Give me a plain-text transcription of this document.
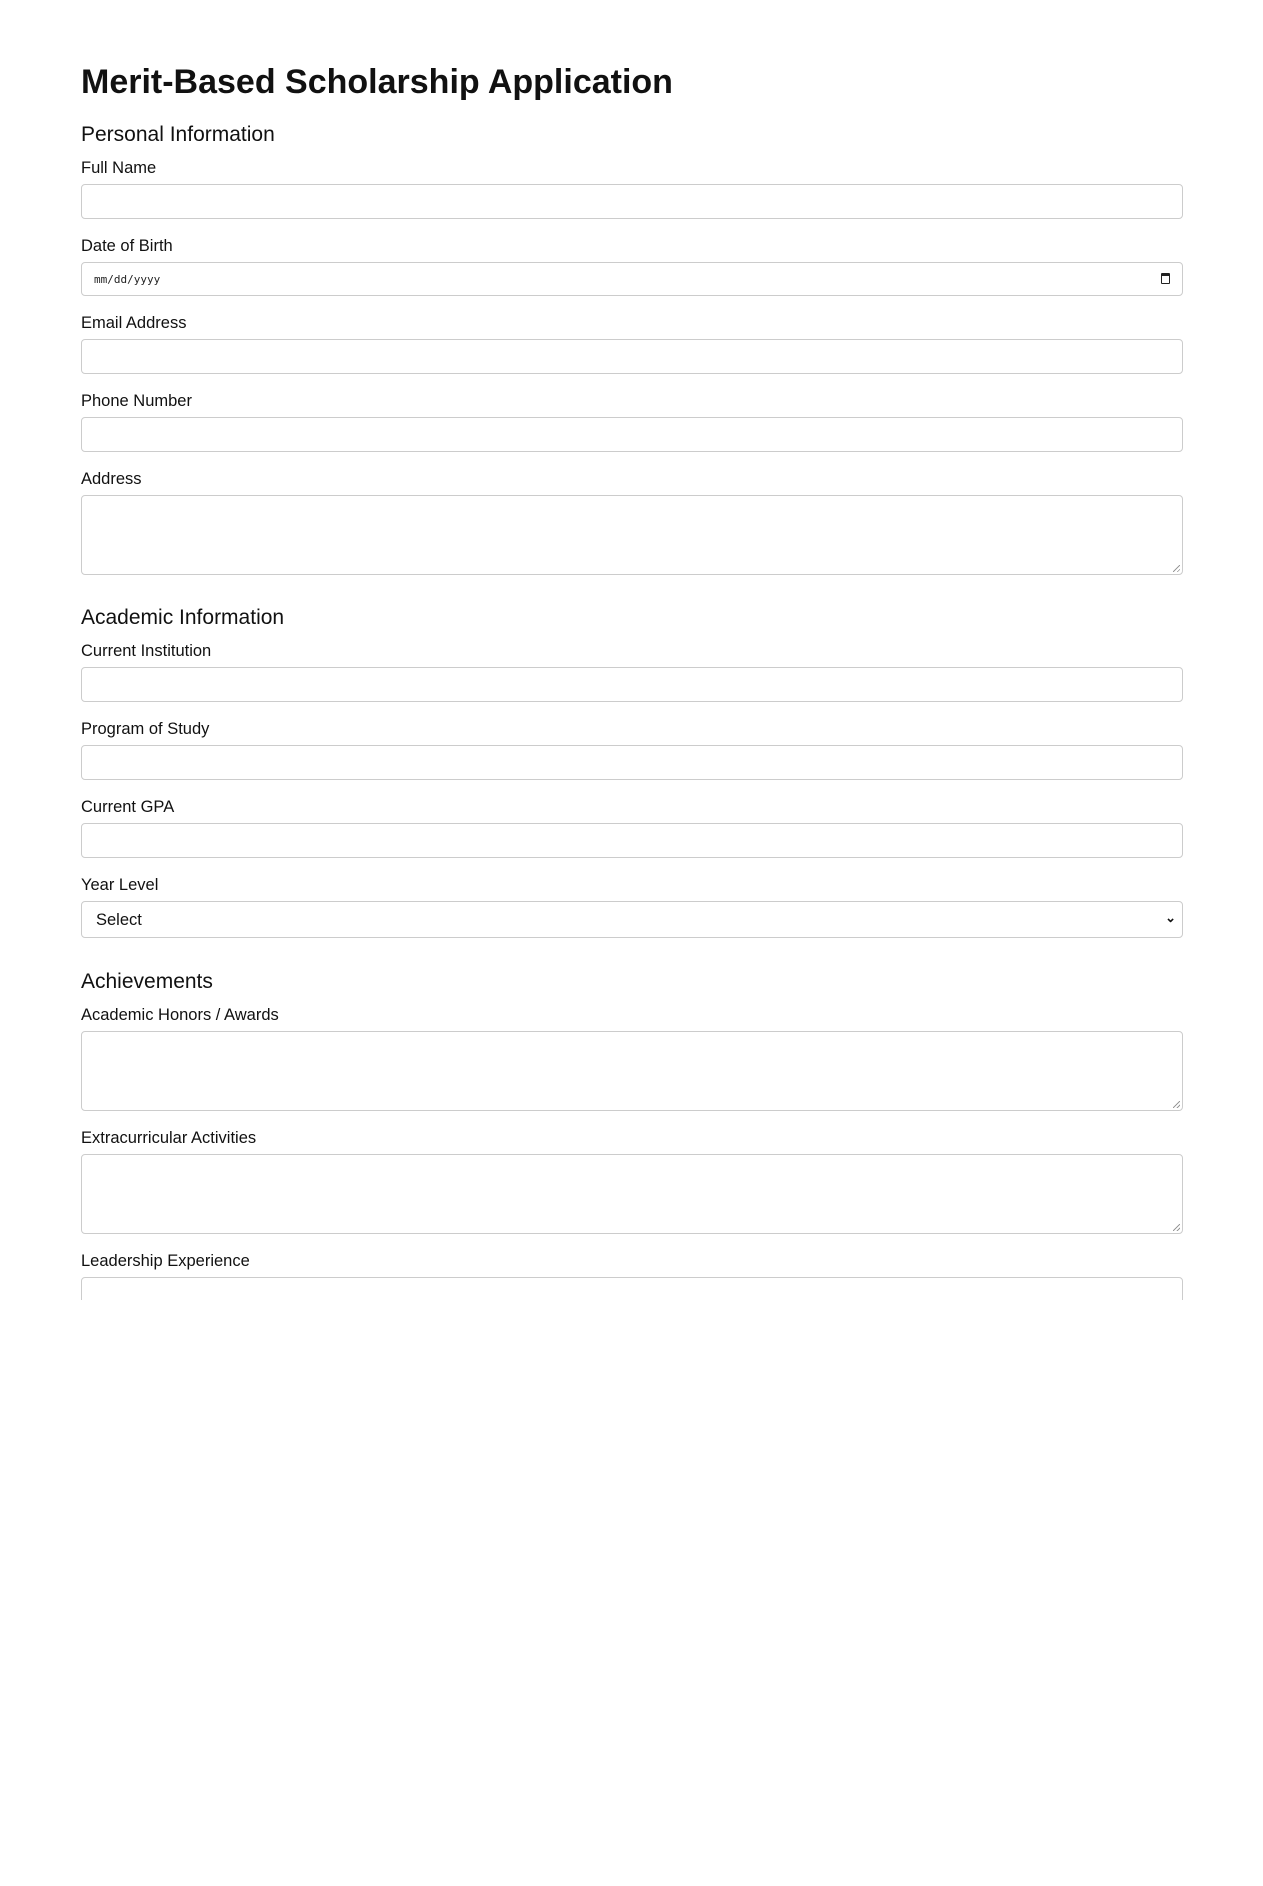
Merit-Based Scholarship Application
Personal Information
Full Name
Date of Birth
mm/dd/yyyy
Email Address
Phone Number
Address
Academic Information
Current Institution
Program of Study
Current GPA
Year Level
Select	⌄
Achievements
Academic Honors / Awards
Extracurricular Activities
Leadership Experience
